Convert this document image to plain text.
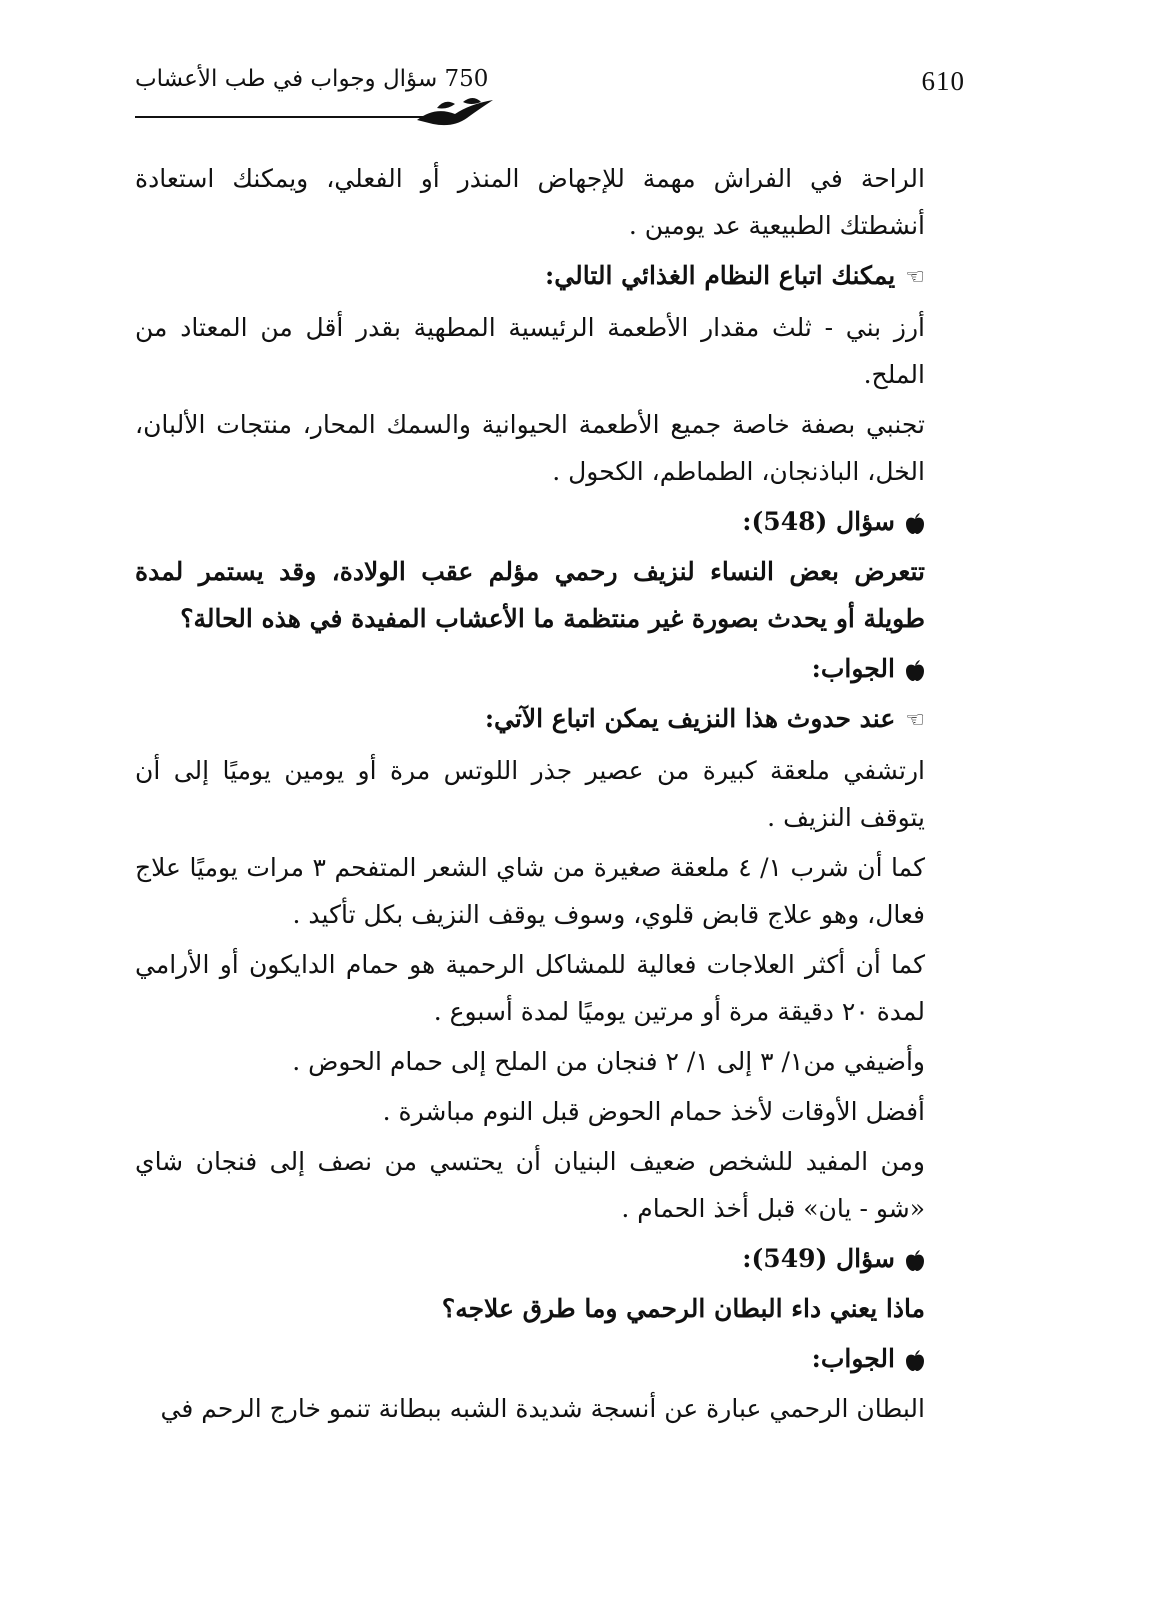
750 سؤال وجواب في طب الأعشاب	610

الراحة في الفراش مهمة للإجهاض المنذر أو الفعلي، ويمكنك استعادة أنشطتك الطبيعية عد يومين .

☜يمكنك اتباع النظام الغذائي التالي:

أرز بني - ثلث مقدار الأطعمة الرئيسية المطهية بقدر أقل من المعتاد من الملح.

تجنبي بصفة خاصة جميع الأطعمة الحيوانية والسمك المحار، منتجات الألبان، الخل، الباذنجان، الطماطم، الكحول .

سؤال (548):

تتعرض بعض النساء لنزيف رحمي مؤلم عقب الولادة، وقد يستمر لمدة طويلة أو يحدث بصورة غير منتظمة ما الأعشاب المفيدة في هذه الحالة؟

الجواب:

☜عند حدوث هذا النزيف يمكن اتباع الآتي:

ارتشفي ملعقة كبيرة من عصير جذر اللوتس مرة أو يومين يوميًا إلى أن يتوقف النزيف .

كما أن شرب ١/ ٤ ملعقة صغيرة من شاي الشعر المتفحم ٣ مرات يوميًا علاج فعال، وهو علاج قابض قلوي، وسوف يوقف النزيف بكل تأكيد .

كما أن أكثر العلاجات فعالية للمشاكل الرحمية هو حمام الدايكون أو الأرامي لمدة ٢٠ دقيقة مرة أو مرتين يوميًا لمدة أسبوع .

وأضيفي من١/ ٣ إلى ١/ ٢ فنجان من الملح إلى حمام الحوض .

أفضل الأوقات لأخذ حمام الحوض قبل النوم مباشرة .

ومن المفيد للشخص ضعيف البنيان أن يحتسي من نصف إلى فنجان شاي «شو - يان» قبل أخذ الحمام .

سؤال (549):

ماذا يعني داء البطان الرحمي وما طرق علاجه؟

الجواب:

البطان الرحمي عبارة عن أنسجة شديدة الشبه ببطانة تنمو خارج الرحم في
